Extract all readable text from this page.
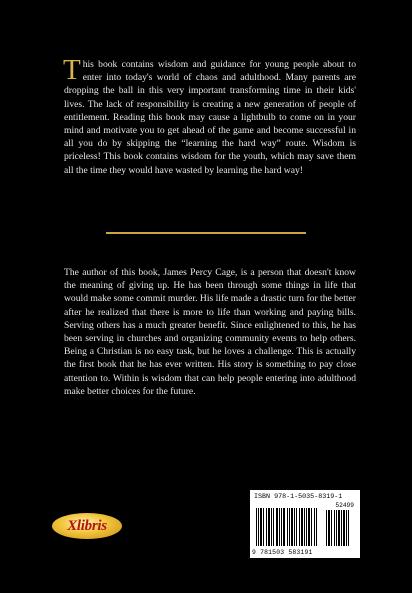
This book contains wisdom and guidance for young people about to enter into today's world of chaos and adulthood. Many parents are dropping the ball in this very important transforming time in their kids' lives. The lack of responsibility is creating a new generation of people of entitlement. Reading this book may cause a lightbulb to come on in your mind and motivate you to get ahead of the game and become successful in all you do by skipping the “learning the hard way” route. Wisdom is priceless! This book contains wisdom for the youth, which may save them all the time they would have wasted by learning the hard way!
The author of this book, James Percy Cage, is a person that doesn't know the meaning of giving up. He has been through some things in life that would make some commit murder. His life made a drastic turn for the better after he realized that there is more to life than working and paying bills. Serving others has a much greater benefit. Since enlightened to this, he has been serving in churches and organizing community events to help others. Being a Christian is no easy task, but he loves a challenge. This is actually the first book that he has ever written. His story is something to pay close attention to. Within is wisdom that can help people entering into adulthood make better choices for the future.
Xlibris
ISBN 978-1-5035-8319-1
52499
9 781503 583191
